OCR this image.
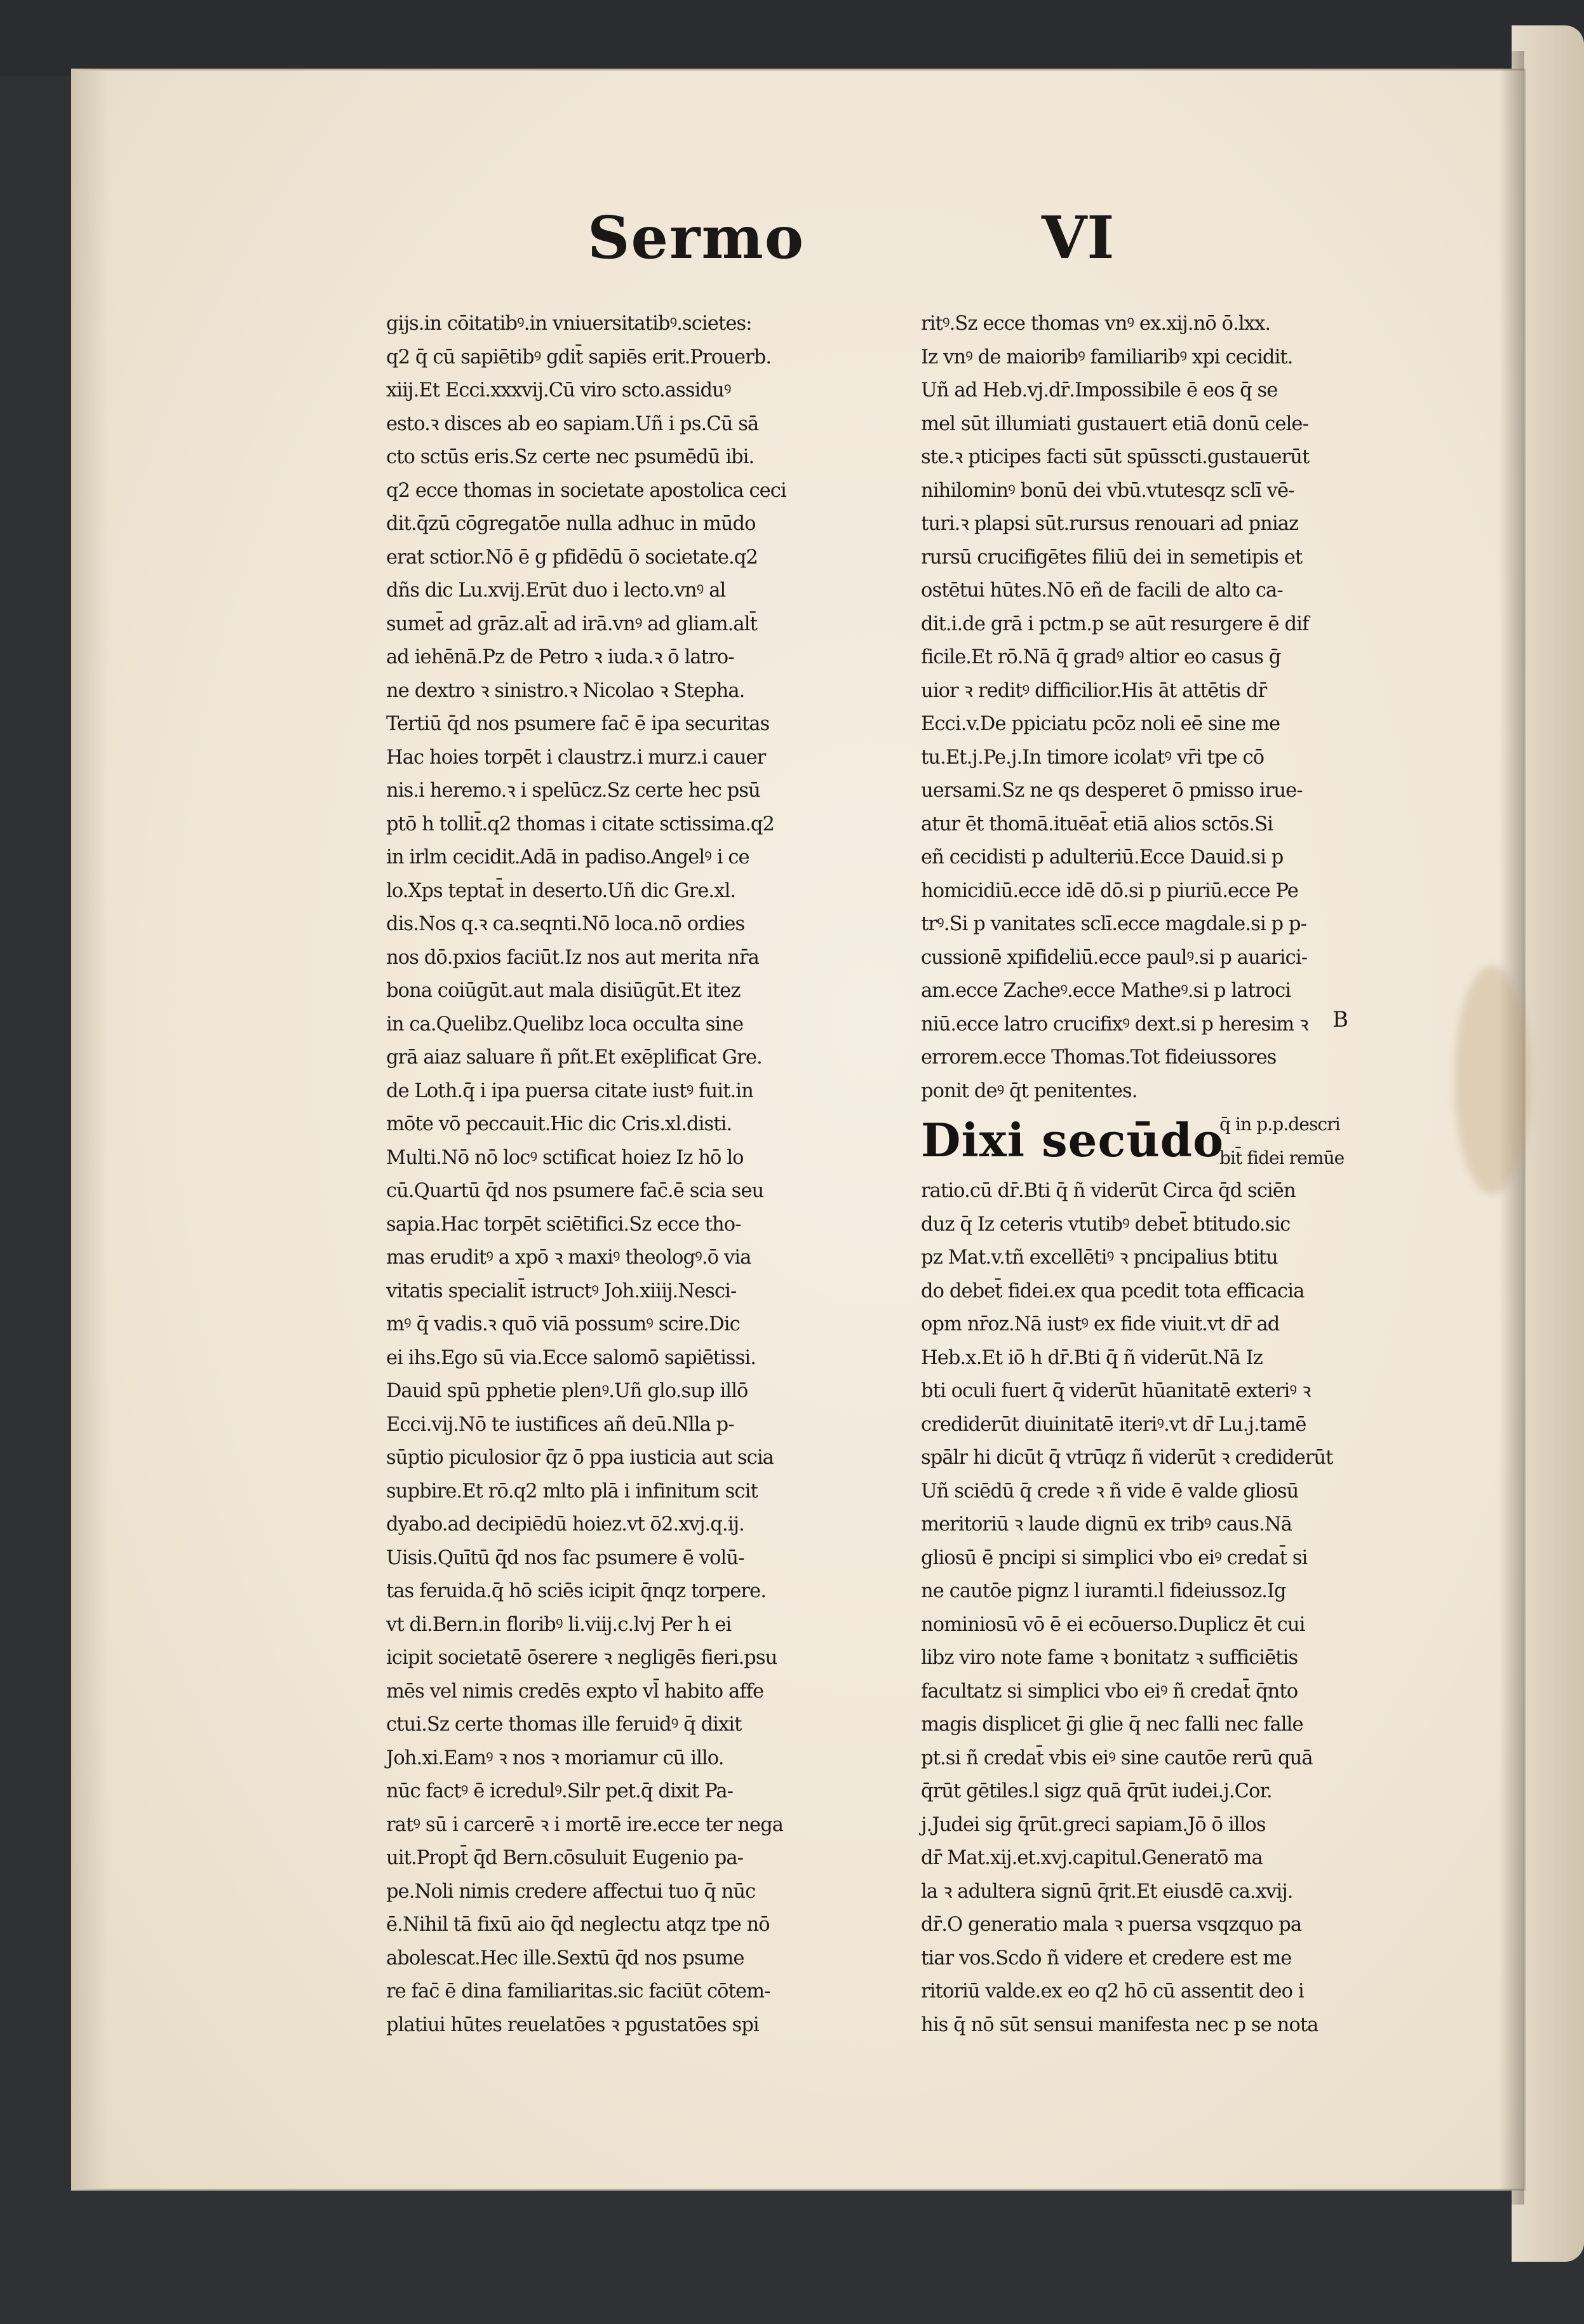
Sermo	VI
gijs.in cōitatibꝰ.in vniuersitatibꝰ.scietes:
q2 q̄ cū sapiētibꝰ gdit̄ sapiēs erit.Prouerb.
xiij.Et Ecci.xxxvij.Cū viro scto.assiduꝰ
esto.ꝛ disces ab eo sapiam.Uñ i ps.Cū sā
cto sctūs eris.Sz certe nec psumēdū ibi.
q2 ecce thomas in societate apostolica ceci
dit.q̄zū cōgregatōe nulla adhuc in mūdo
erat sctior.Nō ē g pfidēdū ō societate.q2
dñs dic Lu.xvij.Erūt duo i lecto.vnꝰ al
sumet̄ ad grāz.alt̄ ad irā.vnꝰ ad gliam.alt̄
ad iehēnā.Pz de Petro ꝛ iuda.ꝛ ō latro-
ne dextro ꝛ sinistro.ꝛ Nicolao ꝛ Stepha.
Tertiū q̄d nos psumere fac̄ ē ipa securitas
Hac hoies torpēt i claustrz.i murz.i cauer
nis.i heremo.ꝛ i spelūcz.Sz certe hec psū
ptō h tollit̄.q2 thomas i citate sctissima.q2
in irlm cecidit.Adā in padiso.Angelꝰ i ce
lo.Xps teptat̄ in deserto.Uñ dic Gre.xl.
dis.Nos q.ꝛ ca.seqnti.Nō loca.nō ordies
nos dō.pxios faciūt.Iz nos aut merita nr̄a
bona coiūgūt.aut mala disiūgūt.Et itez
in ca.Quelibz.Quelibz loca occulta sine
grā aiaz saluare ñ pñt.Et exēplificat Gre.
de Loth.q̄ i ipa puersa citate iustꝰ fuit.in
mōte vō peccauit.Hic dic Cris.xl.disti.
Multi.Nō nō locꝰ sctificat hoiez Iz hō lo
cū.Quartū q̄d nos psumere fac̄.ē scia seu
sapia.Hac torpēt sciētifici.Sz ecce tho-
mas eruditꝰ a xpō ꝛ maxiꝰ theologꝰ.ō via
vitatis specialit̄ istructꝰ Joh.xiiij.Nesci-
mꝰ q̄ vadis.ꝛ quō viā possumꝰ scire.Dic
ei ihs.Ego sū via.Ecce salomō sapiētissi.
Dauid spū pphetie plenꝰ.Uñ glo.sup illō
Ecci.vij.Nō te iustifices añ deū.Nlla p-
sūptio piculosior q̄z ō ppa iusticia aut scia
supbire.Et rō.q2 mlto plā i infinitum scit
dyabo.ad decipiēdū hoiez.vt ō2.xvj.q.ij.
Uisis.Quītū q̄d nos fac psumere ē volū-
tas feruida.q̄ hō sciēs icipit q̄nqz torpere.
vt di.Bern.in floribꝰ li.viij.c.lvj Per h ei
icipit societatē ōserere ꝛ negligēs fieri.psu
mēs vel nimis credēs expto vl̄ habito affe
ctui.Sz certe thomas ille feruidꝰ q̄ dixit
Joh.xi.Eamꝰ ꝛ nos ꝛ moriamur cū illo.
nūc factꝰ ē icredulꝰ.Silr pet.q̄ dixit Pa-
ratꝰ sū i carcerē ꝛ i mortē ire.ecce ter nega
uit.Propt̄ q̄d Bern.cōsuluit Eugenio pa-
pe.Noli nimis credere affectui tuo q̄ nūc
ē.Nihil tā fixū aio q̄d neglectu atqz tpe nō
abolescat.Hec ille.Sextū q̄d nos psume
re fac̄ ē dina familiaritas.sic faciūt cōtem-
platiui hūtes reuelatōes ꝛ pgustatōes spi
ritꝰ.Sz ecce thomas vnꝰ ex.xij.nō ō.lxx.
Iz vnꝰ de maioribꝰ familiaribꝰ xpi cecidit.
Uñ ad Heb.vj.dr̄.Impossibile ē eos q̄ se
mel sūt illumiati gustauert etiā donū cele-
ste.ꝛ pticipes facti sūt spūsscti.gustauerūt
nihilominꝰ bonū dei vbū.vtutesqz sclī vē-
turi.ꝛ plapsi sūt.rursus renouari ad pniaz
rursū crucifigētes filiū dei in semetipis et
ostētui hūtes.Nō eñ de facili de alto ca-
dit.i.de grā i pctm.p se aūt resurgere ē dif
ficile.Et rō.Nā q̄ gradꝰ altior eo casus ḡ
uior ꝛ reditꝰ difficilior.His āt attētis dr̄
Ecci.v.De ppiciatu pcōz noli eē sine me
tu.Et.j.Pe.j.In timore icolatꝰ vr̄i tpe cō
uersami.Sz ne qs desperet ō pmisso irue-
atur ēt thomā.ituēat̄ etiā alios sctōs.Si
eñ cecidisti p adulteriū.Ecce Dauid.si p
homicidiū.ecce idē dō.si p piuriū.ecce Pe
trꝰ.Si p vanitates sclī.ecce magdale.si p p-
cussionē xpifideliū.ecce paulꝰ.si p auarici-
am.ecce Zacheꝰ.ecce Matheꝰ.si p latroci
niū.ecce latro crucifixꝰ dext.si p heresim ꝛ
errorem.ecce Thomas.Tot fideiussores
ponit deꝰ q̄t penitentes.
Dixi secūdo
q̄ in p.p.descri
bit̄ fidei remūe
ratio.cū dr̄.Bti q̄ ñ viderūt Circa q̄d sciēn
duz q̄ Iz ceteris vtutibꝰ debet̄ btitudo.sic
pz Mat.v.tñ excellētiꝰ ꝛ pncipalius btitu
do debet̄ fidei.ex qua pcedit tota efficacia
opm nr̄oz.Nā iustꝰ ex fide viuit.vt dr̄ ad
Heb.x.Et iō h dr̄.Bti q̄ ñ viderūt.Nā Iz
bti oculi fuert q̄ viderūt hūanitatē exteriꝰ ꝛ
crediderūt diuinitatē iteriꝰ.vt dr̄ Lu.j.tamē
spālr hi dicūt q̄ vtrūqz ñ viderūt ꝛ crediderūt
Uñ sciēdū q̄ crede ꝛ ñ vide ē valde gliosū
meritoriū ꝛ laude dignū ex tribꝰ caus.Nā
gliosū ē pncipi si simplici vbo eiꝰ credat̄ si
ne cautōe pignz l iuramti.l fideiussoz.Ig
nominiosū vō ē ei ecōuerso.Duplicz ēt cui
libz viro note fame ꝛ bonitatz ꝛ sufficiētis
facultatz si simplici vbo eiꝰ ñ credat̄ q̄nto
magis displicet ḡi glie q̄ nec falli nec falle
pt.si ñ credat̄ vbis eiꝰ sine cautōe rerū quā
q̄rūt gētiles.l sigz quā q̄rūt iudei.j.Cor.
j.Judei sig q̄rūt.greci sapiam.Jō ō illos
dr̄ Mat.xij.et.xvj.capitul.Generatō ma
la ꝛ adultera signū q̄rit.Et eiusdē ca.xvij.
dr̄.O generatio mala ꝛ puersa vsqzquo pa
tiar vos.Scdo ñ videre et credere est me
ritoriū valde.ex eo q2 hō cū assentit deo i
his q̄ nō sūt sensui manifesta nec p se nota
B
